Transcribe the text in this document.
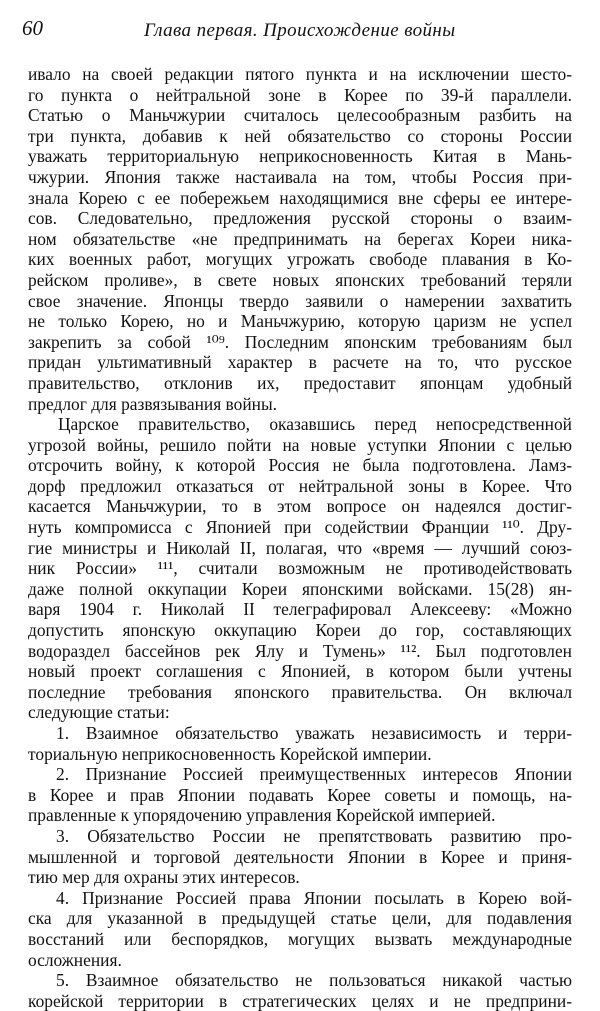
60	Глава первая. Происхождение войны
ивало на своей редакции пятого пункта и на исключении шесто-
го пункта о нейтральной зоне в Корее по 39-й параллели.
Статью о Маньчжурии считалось целесообразным разбить на
три пункта, добавив к ней обязательство со стороны России
уважать территориальную неприкосновенность Китая в Мань-
чжурии. Япония также настаивала на том, чтобы Россия при-
знала Корею с ее побережьем находящимися вне сферы ее интере-
сов. Следовательно, предложения русской стороны о взаим-
ном обязательстве «не предпринимать на берегах Кореи ника-
ких военных работ, могущих угрожать свободе плавания в Ко-
рейском проливе», в свете новых японских требований теряли
свое значение. Японцы твердо заявили о намерении захватить
не только Корею, но и Маньчжурию, которую царизм не успел
закрепить за собой ¹⁰⁹. Последним японским требованиям был
придан ультимативный характер в расчете на то, что русское
правительство, отклонив их, предоставит японцам удобный
предлог для развязывания войны.
Царское правительство, оказавшись перед непосредственной
угрозой войны, решило пойти на новые уступки Японии с целью
отсрочить войну, к которой Россия не была подготовлена. Ламз-
дорф предложил отказаться от нейтральной зоны в Корее. Что
касается Маньчжурии, то в этом вопросе он надеялся достиг-
нуть компромисса с Японией при содействии Франции ¹¹⁰. Дру-
гие министры и Николай II, полагая, что «время — лучший союз-
ник России» ¹¹¹, считали возможным не противодействовать
даже полной оккупации Кореи японскими войсками. 15(28) ян-
варя 1904 г. Николай II телеграфировал Алексееву: «Можно
допустить японскую оккупацию Кореи до гор, составляющих
водораздел бассейнов рек Ялу и Тумень» ¹¹². Был подготовлен
новый проект соглашения с Японией, в котором были учтены
последние требования японского правительства. Он включал
следующие статьи:
1. Взаимное обязательство уважать независимость и терри-
ториальную неприкосновенность Корейской империи.
2. Признание Россией преимущественных интересов Японии
в Корее и прав Японии подавать Корее советы и помощь, на-
правленные к упорядочению управления Корейской империей.
3. Обязательство России не препятствовать развитию про-
мышленной и торговой деятельности Японии в Корее и приня-
тию мер для охраны этих интересов.
4. Признание Россией права Японии посылать в Корею вой-
ска для указанной в предыдущей статье цели, для подавления
восстаний или беспорядков, могущих вызвать международные
осложнения.
5. Взаимное обязательство не пользоваться никакой частью
корейской территории в стратегических целях и не предприни-
